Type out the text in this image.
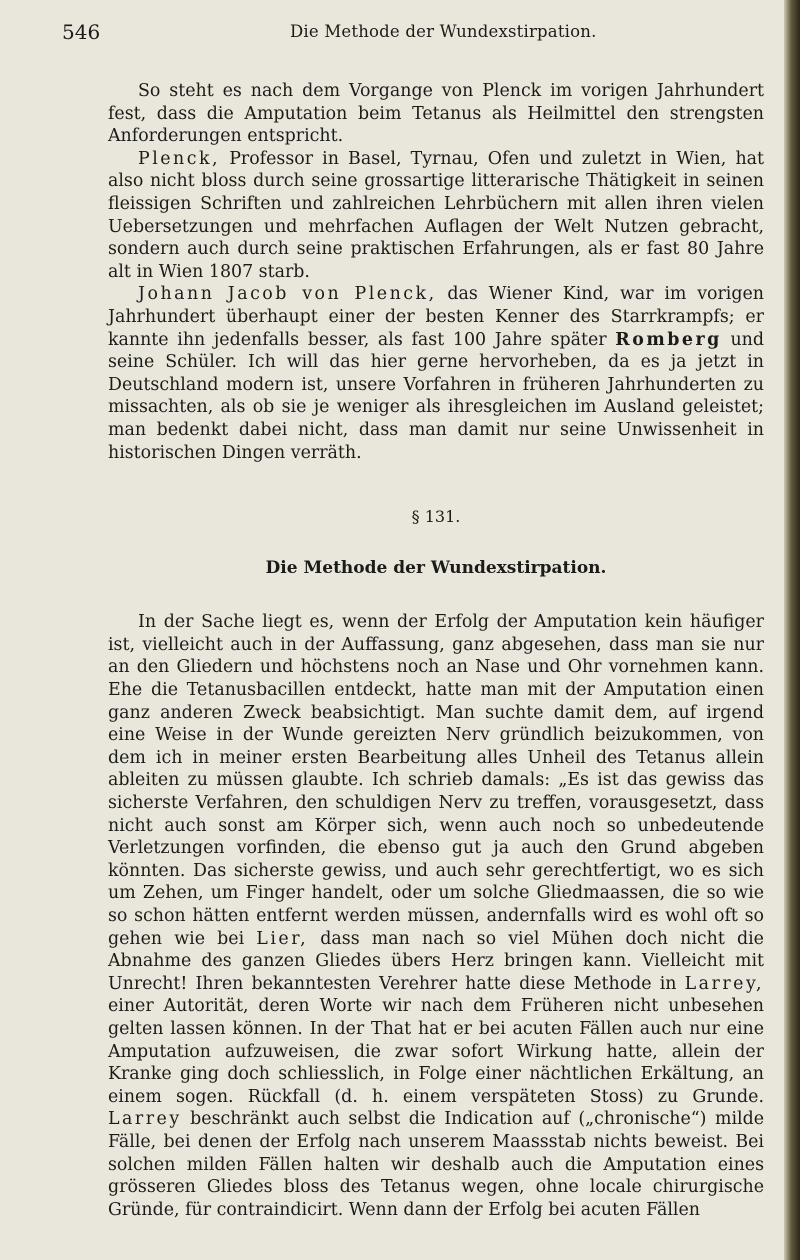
546	Die Methode der Wundexstirpation.

So steht es nach dem Vorgange von Plenck im vorigen Jahrhundert fest, dass die Amputation beim Tetanus als Heilmittel den strengsten Anforderungen entspricht.

Plenck, Professor in Basel, Tyrnau, Ofen und zuletzt in Wien, hat also nicht bloss durch seine grossartige litterarische Thätigkeit in seinen fleissigen Schriften und zahlreichen Lehrbüchern mit allen ihren vielen Uebersetzungen und mehrfachen Auflagen der Welt Nutzen gebracht, sondern auch durch seine praktischen Erfahrungen, als er fast 80 Jahre alt in Wien 1807 starb.

Johann Jacob von Plenck, das Wiener Kind, war im vorigen Jahrhundert überhaupt einer der besten Kenner des Starrkrampfs; er kannte ihn jedenfalls besser, als fast 100 Jahre später Romberg und seine Schüler. Ich will das hier gerne hervorheben, da es ja jetzt in Deutschland modern ist, unsere Vorfahren in früheren Jahrhunderten zu missachten, als ob sie je weniger als ihresgleichen im Ausland geleistet; man bedenkt dabei nicht, dass man damit nur seine Unwissenheit in historischen Dingen verräth.

§ 131.

Die Methode der Wundexstirpation.

In der Sache liegt es, wenn der Erfolg der Amputation kein häufiger ist, vielleicht auch in der Auffassung, ganz abgesehen, dass man sie nur an den Gliedern und höchstens noch an Nase und Ohr vornehmen kann. Ehe die Tetanusbacillen entdeckt, hatte man mit der Amputation einen ganz anderen Zweck beabsichtigt. Man suchte damit dem, auf irgend eine Weise in der Wunde gereizten Nerv gründlich beizukommen, von dem ich in meiner ersten Bearbeitung alles Unheil des Tetanus allein ableiten zu müssen glaubte. Ich schrieb damals: „Es ist das gewiss das sicherste Verfahren, den schuldigen Nerv zu treffen, vorausgesetzt, dass nicht auch sonst am Körper sich, wenn auch noch so unbedeutende Verletzungen vorfinden, die ebenso gut ja auch den Grund abgeben könnten. Das sicherste gewiss, und auch sehr gerechtfertigt, wo es sich um Zehen, um Finger handelt, oder um solche Gliedmaassen, die so wie so schon hätten entfernt werden müssen, andernfalls wird es wohl oft so gehen wie bei Lier, dass man nach so viel Mühen doch nicht die Abnahme des ganzen Gliedes übers Herz bringen kann. Vielleicht mit Unrecht! Ihren bekanntesten Verehrer hatte diese Methode in Larrey, einer Autorität, deren Worte wir nach dem Früheren nicht unbesehen gelten lassen können. In der That hat er bei acuten Fällen auch nur eine Amputation aufzuweisen, die zwar sofort Wirkung hatte, allein der Kranke ging doch schliesslich, in Folge einer nächtlichen Erkältung, an einem sogen. Rückfall (d. h. einem verspäteten Stoss) zu Grunde. Larrey beschränkt auch selbst die Indication auf („chronische“) milde Fälle, bei denen der Erfolg nach unserem Maassstab nichts beweist. Bei solchen milden Fällen halten wir deshalb auch die Amputation eines grösseren Gliedes bloss des Tetanus wegen, ohne locale chirurgische Gründe, für contraindicirt. Wenn dann der Erfolg bei acuten Fällen
